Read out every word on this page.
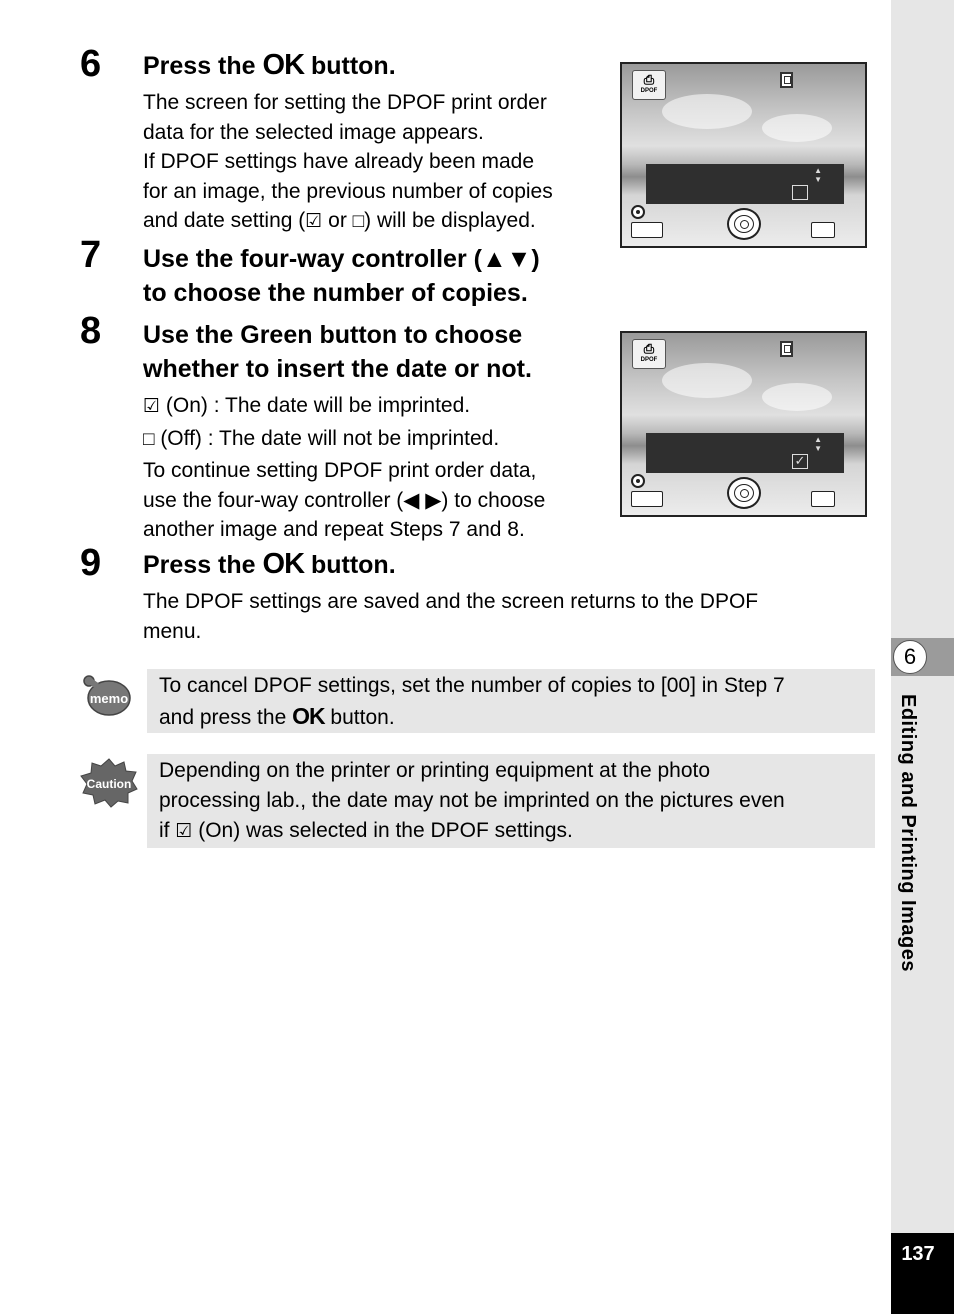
6 Press the OK button.

The screen for setting the DPOF print order

data for the selected image appears.

If DPOF settings have already been made

for an image, the previous number of copies

and date setting (☑ or □) will be displayed.

⎙
DPOF
▲
▼
7 Use the four-way controller (▲▼)
to choose the number of copies.
8 Use the Green button to choose
whether to insert the date or not.

☑ (On) : The date will be imprinted.

□ (Off) : The date will not be imprinted.

To continue setting DPOF print order data,

use the four-way controller (◀ ▶) to choose

another image and repeat Steps 7 and 8.

⎙
DPOF
▲
▼
✓
9 Press the OK button.

The DPOF settings are saved and the screen returns to the DPOF

menu.

memo
To cancel DPOF settings, set the number of copies to [00] in Step 7
and press the OK button.
Caution
Depending on the printer or printing equipment at the photo
processing lab., the date may not be imprinted on the pictures even
if ☑ (On) was selected in the DPOF settings.
6
Editing and Printing Images
137
